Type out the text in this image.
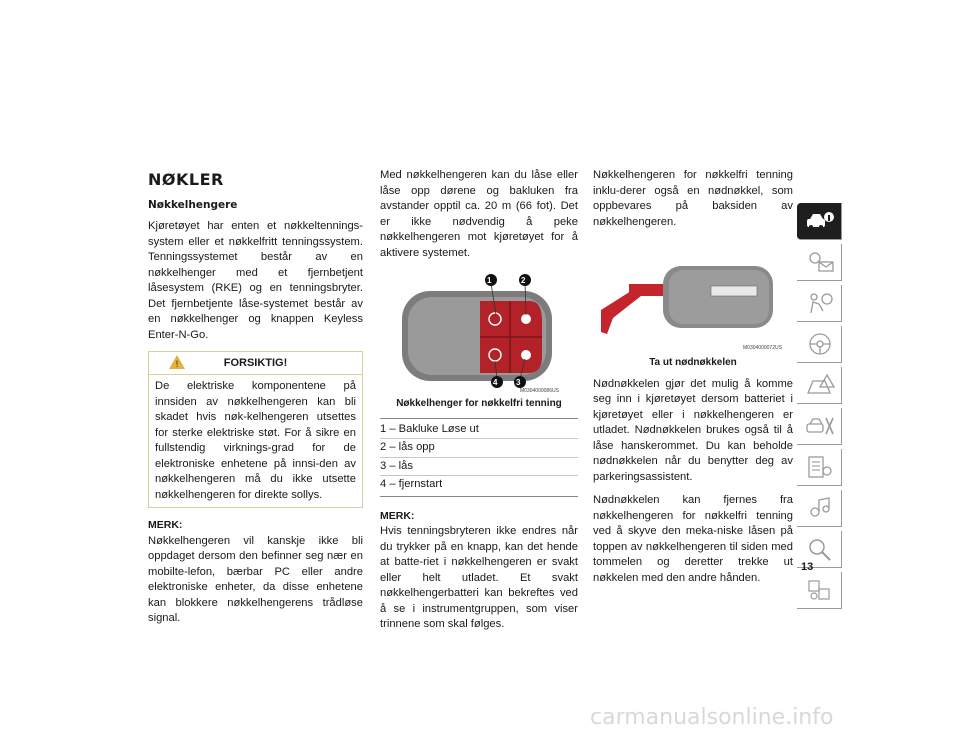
NØKLER
Nøkkelhengere

Kjøretøyet har enten et nøkkeltennings-system eller et nøkkelfritt tenningssystem. Tenningssystemet består av en nøkkelhenger med et fjernbetjent låsesystem (RKE) og en tenningsbryter. Det fjernbetjente låse-systemet består av en nøkkelhenger og knappen Keyless Enter-N-Go.

!	FORSIKTIG!
De elektriske komponentene på innsiden av nøkkelhengeren kan bli skadet hvis nøk-kelhengeren utsettes for sterke elektriske støt. For å sikre en fullstendig virknings-grad for de elektroniske enhetene på innsi-den av nøkkelhengeren må du ikke utsette nøkkelhengeren for direkte sollys.

MERK:

Nøkkelhengeren vil kanskje ikke bli oppdaget dersom den befinner seg nær en mobilte-lefon, bærbar PC eller andre elektroniske enheter, da disse enhetene kan blokkere nøkkelhengerens trådløse signal.

Med nøkkelhengeren kan du låse eller låse opp dørene og bakluken fra avstander opptil ca. 20 m (66 fot). Det er ikke nødvendig å peke nøkkelhengeren mot kjøretøyet for å aktivere systemet.

1	2
3
4
M0304000086US
Nøkkelhenger for nøkkelfri tenning
1 – Bakluke Løse ut
2 – lås opp
3 – lås
4 – fjernstart

MERK:

Hvis tenningsbryteren ikke endres når du trykker på en knapp, kan det hende at batte-riet i nøkkelhengeren er svakt eller helt utladet. Et svakt nøkkelhengerbatteri kan bekreftes ved å se i instrumentgruppen, som viser trinnene som skal følges.

Nøkkelhengeren for nøkkelfri tenning inklu-derer også en nødnøkkel, som oppbevares på baksiden av nøkkelhengeren.

M0304000072US
Ta ut nødnøkkelen

Nødnøkkelen gjør det mulig å komme seg inn i kjøretøyet dersom batteriet i kjøretøyet eller i nøkkelhengeren er utladet. Nødnøkkelen brukes også til å låse hanskerommet. Du kan beholde nødnøkkelen når du benytter deg av parkeringsassistent.

Nødnøkkelen kan fjernes fra nøkkelhengeren for nøkkelfri tenning ved å skyve den meka-niske låsen på toppen av nøkkelhengeren til siden med tommelen og deretter trekke ut nøkkelen med den andre hånden.

13
carmanualsonline.info
